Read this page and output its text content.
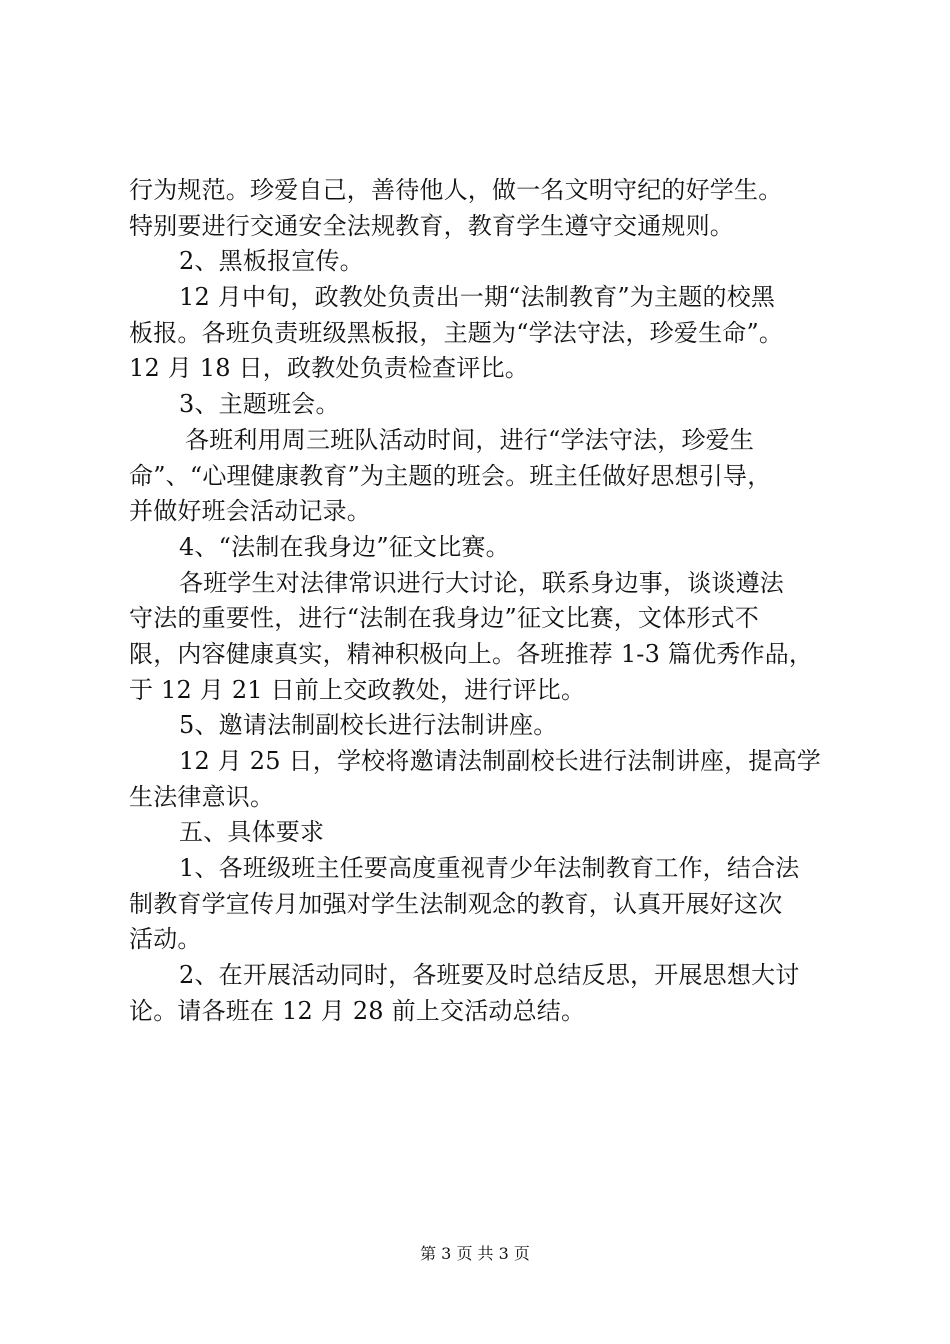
行为规范。珍爱自己，善待他人，做一名文明守纪的好学生。
特别要进行交通安全法规教育，教育学生遵守交通规则。
2、黑板报宣传。
12 月中旬，政教处负责出一期“法制教育”为主题的校黑
板报。各班负责班级黑板报，主题为“学法守法，珍爱生命”。
12 月 18 日，政教处负责检查评比。
3、主题班会。
各班利用周三班队活动时间，进行“学法守法，珍爱生
命”、“心理健康教育”为主题的班会。班主任做好思想引导，
并做好班会活动记录。
4、“法制在我身边”征文比赛。
各班学生对法律常识进行大讨论，联系身边事，谈谈遵法
守法的重要性，进行“法制在我身边”征文比赛，文体形式不
限，内容健康真实，精神积极向上。各班推荐 1-3 篇优秀作品，
于 12 月 21 日前上交政教处，进行评比。
5、邀请法制副校长进行法制讲座。
12 月 25 日，学校将邀请法制副校长进行法制讲座，提高学
生法律意识。
五、具体要求
1、各班级班主任要高度重视青少年法制教育工作，结合法
制教育学宣传月加强对学生法制观念的教育，认真开展好这次
活动。
2、在开展活动同时，各班要及时总结反思，开展思想大讨
论。请各班在 12 月 28 前上交活动总结。
第 3 页 共 3 页
